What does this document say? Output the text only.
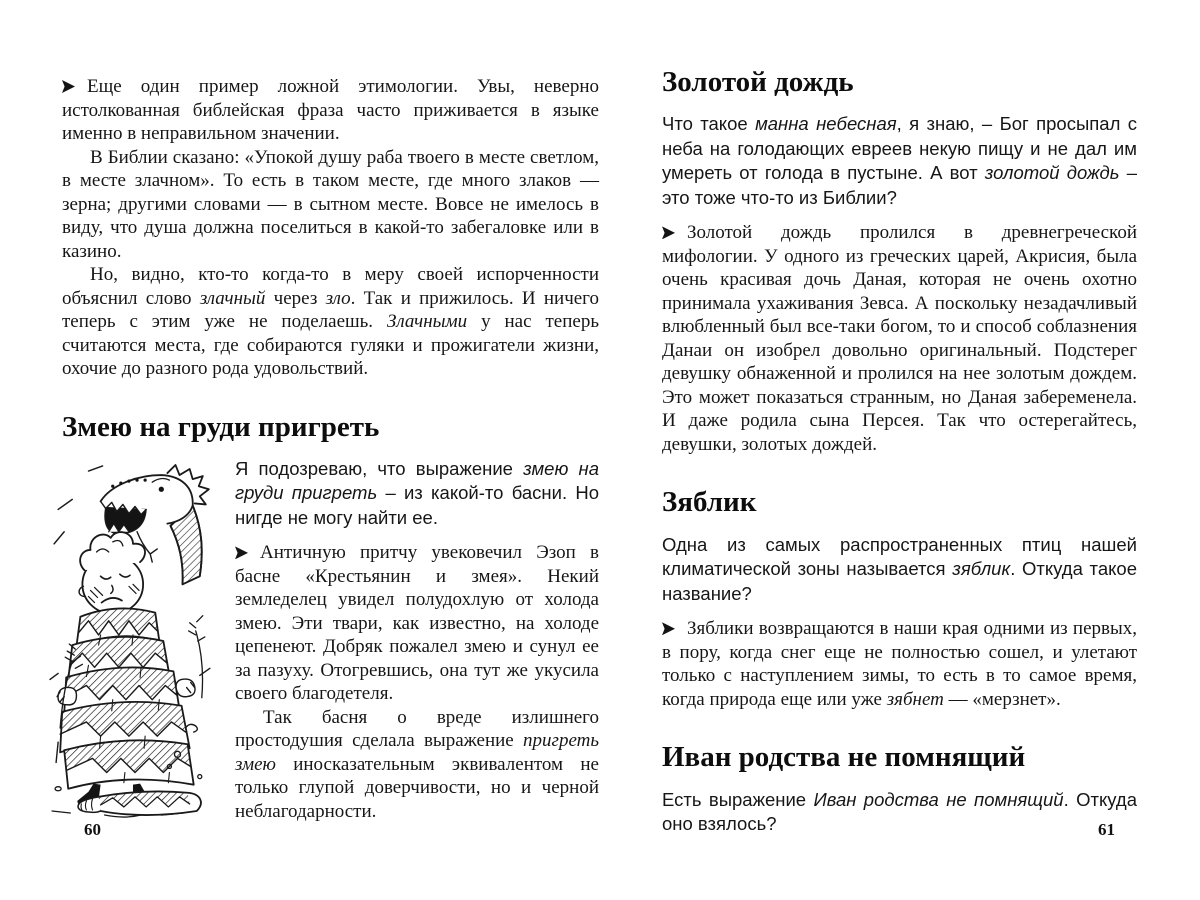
Еще один пример ложной этимологии. Увы, неверно истолкованная библейская фраза часто приживается в языке именно в неправильном значении.

В Библии сказано: «Упокой душу раба твоего в месте светлом, в месте злачном». То есть в таком месте, где много злаков — зерна; другими словами — в сытном месте. Вовсе не имелось в виду, что душа должна поселиться в какой-то забегаловке или в казино.

Но, видно, кто-то когда-то в меру своей испорченности объяснил слово злачный через зло. Так и прижилось. И ничего теперь с этим уже не поделаешь. Злачными у нас теперь считаются места, где собираются гуляки и прожигатели жизни, охочие до разного рода удовольствий.

Змею на груди пригреть

Я подозреваю, что выражение змею на груди пригреть – из какой-то басни. Но нигде не могу найти ее.

Античную притчу увековечил Эзоп в басне «Крестьянин и змея». Некий земледелец увидел полудохлую от холода змею. Эти твари, как известно, на холоде цепенеют. Добряк пожалел змею и сунул ее за пазуху. Отогревшись, она тут же укусила своего благодетеля.

Так басня о вреде излишнего простодушия сделала выражение пригреть змею иносказательным эквивалентом не только глупой доверчивости, но и черной неблагодарности.

60
Золотой дождь

Что такое манна небесная, я знаю, – Бог просыпал с неба на голодающих евреев некую пищу и не дал им умереть от голода в пустыне. А вот золотой дождь – это тоже что-то из Библии?

Золотой дождь пролился в древнегреческой мифологии. У одного из греческих царей, Акрисия, была очень красивая дочь Даная, которая не очень охотно принимала ухаживания Зевса. А поскольку незадачливый влюбленный был все-таки богом, то и способ соблазнения Данаи он изобрел довольно оригинальный. Подстерег девушку обнаженной и пролился на нее золотым дождем. Это может показаться странным, но Даная забеременела. И даже родила сына Персея. Так что остерегайтесь, девушки, золотых дождей.

Зяблик

Одна из самых распространенных птиц нашей климатической зоны называется зяблик. Откуда такое название?

Зяблики возвращаются в наши края одними из первых, в пору, когда снег еще не полностью сошел, и улетают только с наступлением зимы, то есть в то самое время, когда природа еще или уже зябнет — «мерзнет».

Иван родства не помнящий

Есть выражение Иван родства не помнящий. Откуда оно взялось?	61
